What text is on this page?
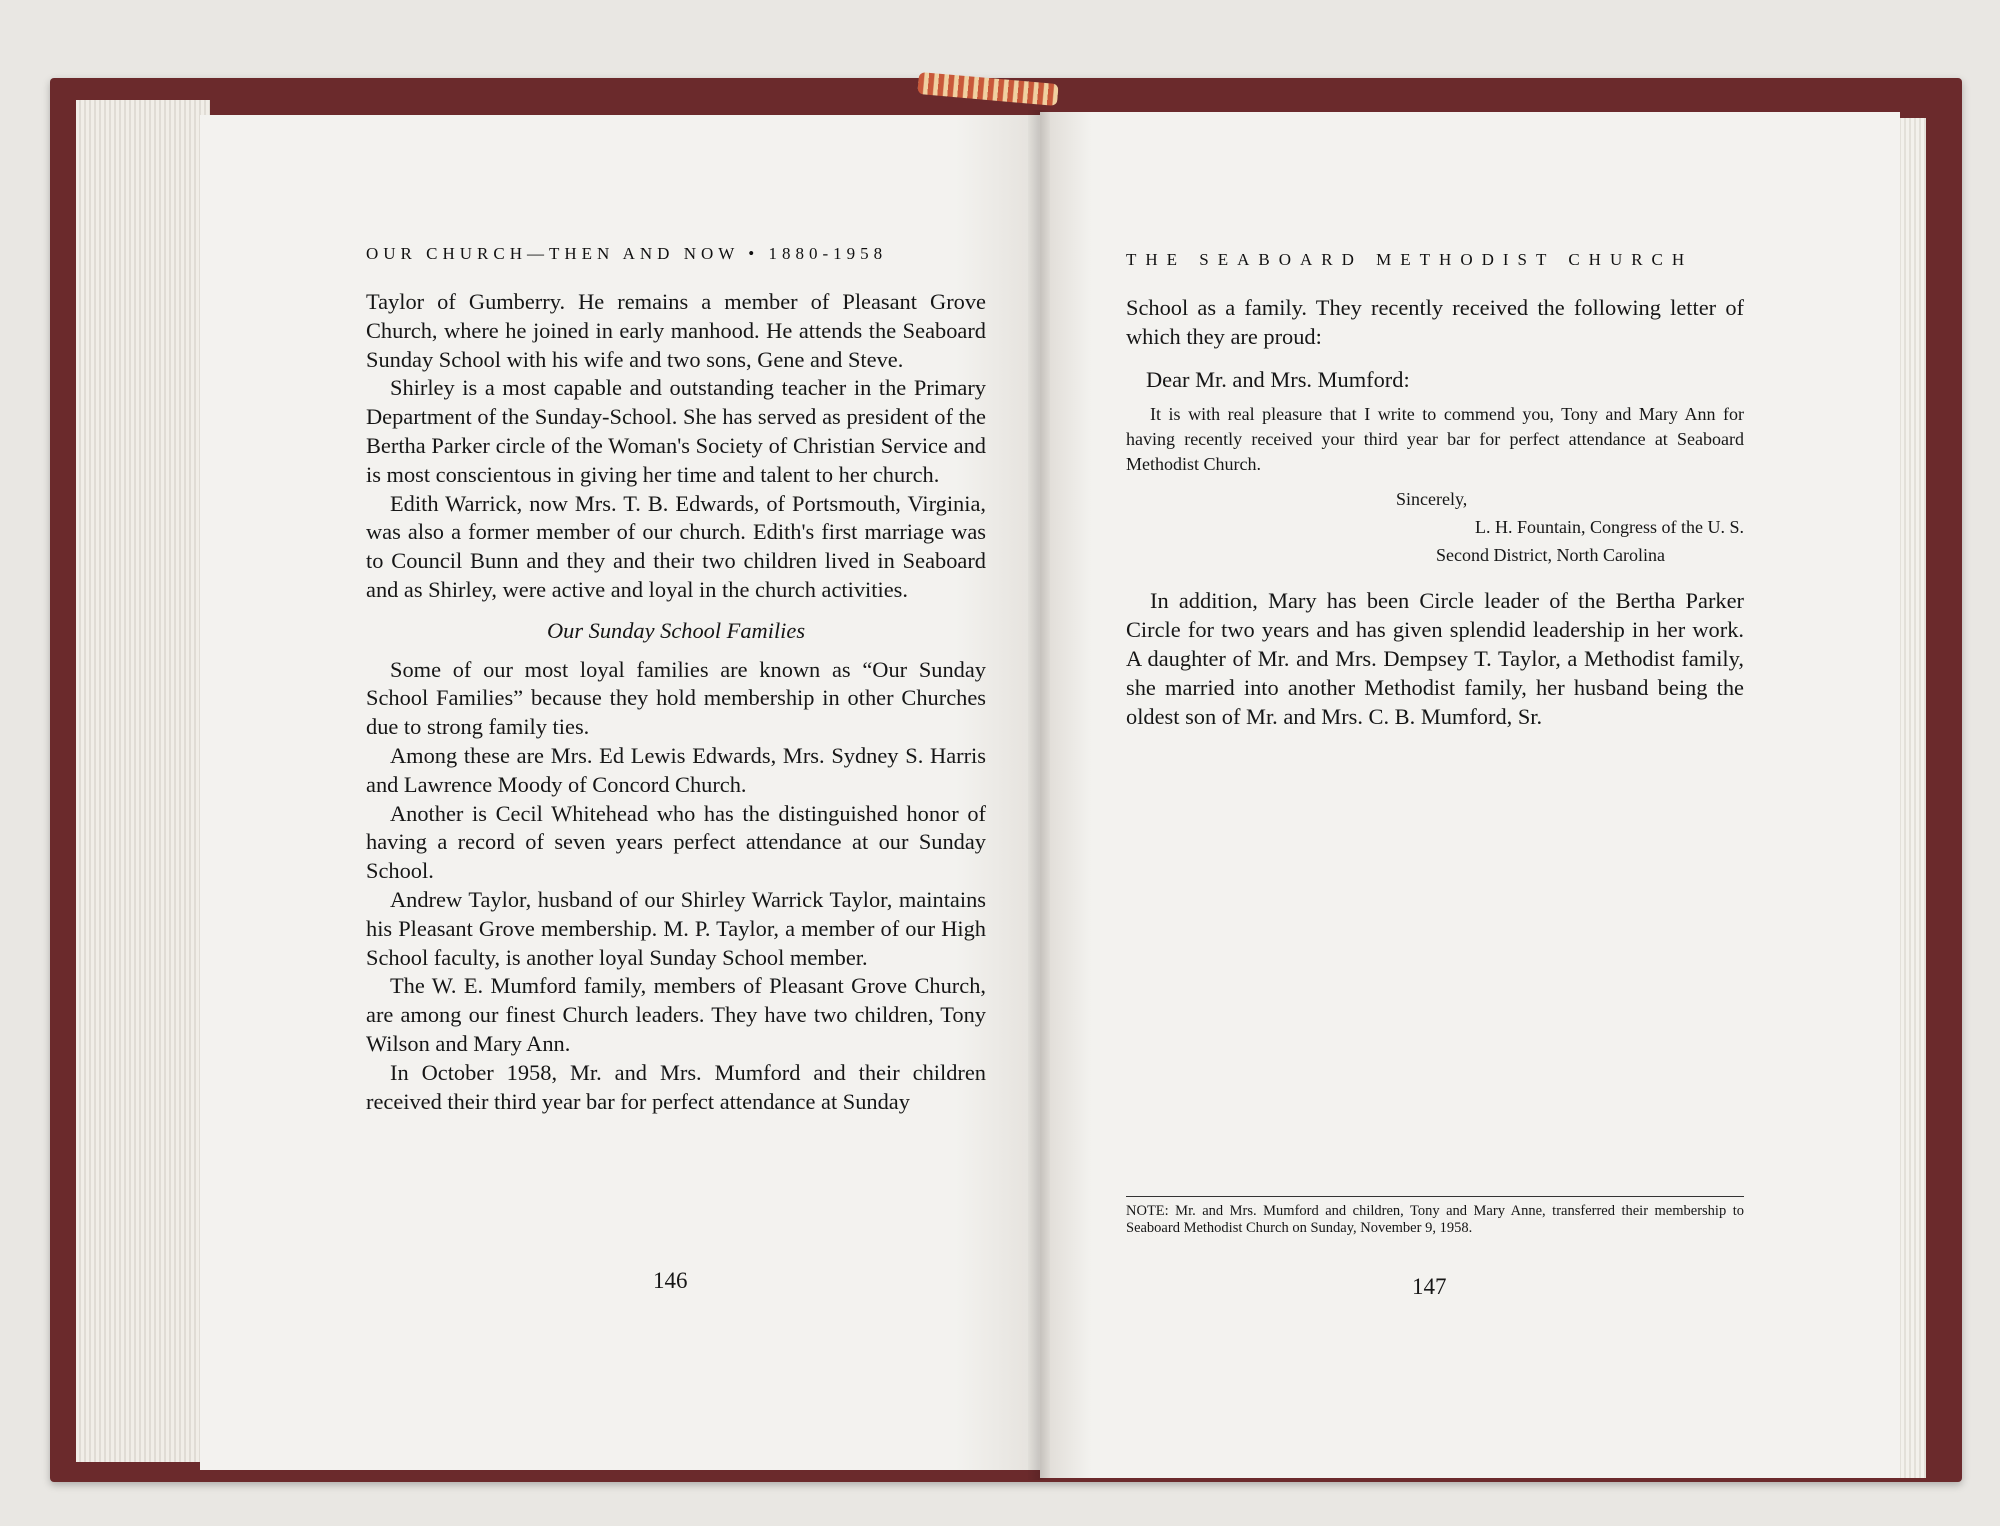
OUR CHURCH—THEN AND NOW • 1880-1958

Taylor of Gumberry. He remains a member of Pleasant Grove Church, where he joined in early manhood. He attends the Seaboard Sunday School with his wife and two sons, Gene and Steve.

Shirley is a most capable and outstanding teacher in the Primary Department of the Sunday-School. She has served as president of the Bertha Parker circle of the Woman's Society of Christian Service and is most conscientous in giving her time and talent to her church.

Edith Warrick, now Mrs. T. B. Edwards, of Portsmouth, Virginia, was also a former member of our church. Edith's first marriage was to Council Bunn and they and their two children lived in Seaboard and as Shirley, were active and loyal in the church activities.

Our Sunday School Families

Some of our most loyal families are known as “Our Sunday School Families” because they hold membership in other Churches due to strong family ties.

Among these are Mrs. Ed Lewis Edwards, Mrs. Sydney S. Harris and Lawrence Moody of Concord Church.

Another is Cecil Whitehead who has the distinguished honor of having a record of seven years perfect attendance at our Sunday School.

Andrew Taylor, husband of our Shirley Warrick Taylor, maintains his Pleasant Grove membership. M. P. Taylor, a member of our High School faculty, is another loyal Sunday School member.

The W. E. Mumford family, members of Pleasant Grove Church, are among our finest Church leaders. They have two children, Tony Wilson and Mary Ann.

In October 1958, Mr. and Mrs. Mumford and their children received their third year bar for perfect attendance at Sunday

146
THE SEABOARD METHODIST CHURCH

School as a family. They recently received the following letter of which they are proud:

Dear Mr. and Mrs. Mumford:

It is with real pleasure that I write to commend you, Tony and Mary Ann for having recently received your third year bar for perfect attendance at Seaboard Methodist Church.

Sincerely,

L. H. Fountain, Congress of the U. S.

Second District, North Carolina

In addition, Mary has been Circle leader of the Bertha Parker Circle for two years and has given splendid leadership in her work. A daughter of Mr. and Mrs. Dempsey T. Taylor, a Methodist family, she married into another Methodist family, her husband being the oldest son of Mr. and Mrs. C. B. Mumford, Sr.

NOTE: Mr. and Mrs. Mumford and children, Tony and Mary Anne, transferred their membership to Seaboard Methodist Church on Sunday, November 9, 1958.
147
